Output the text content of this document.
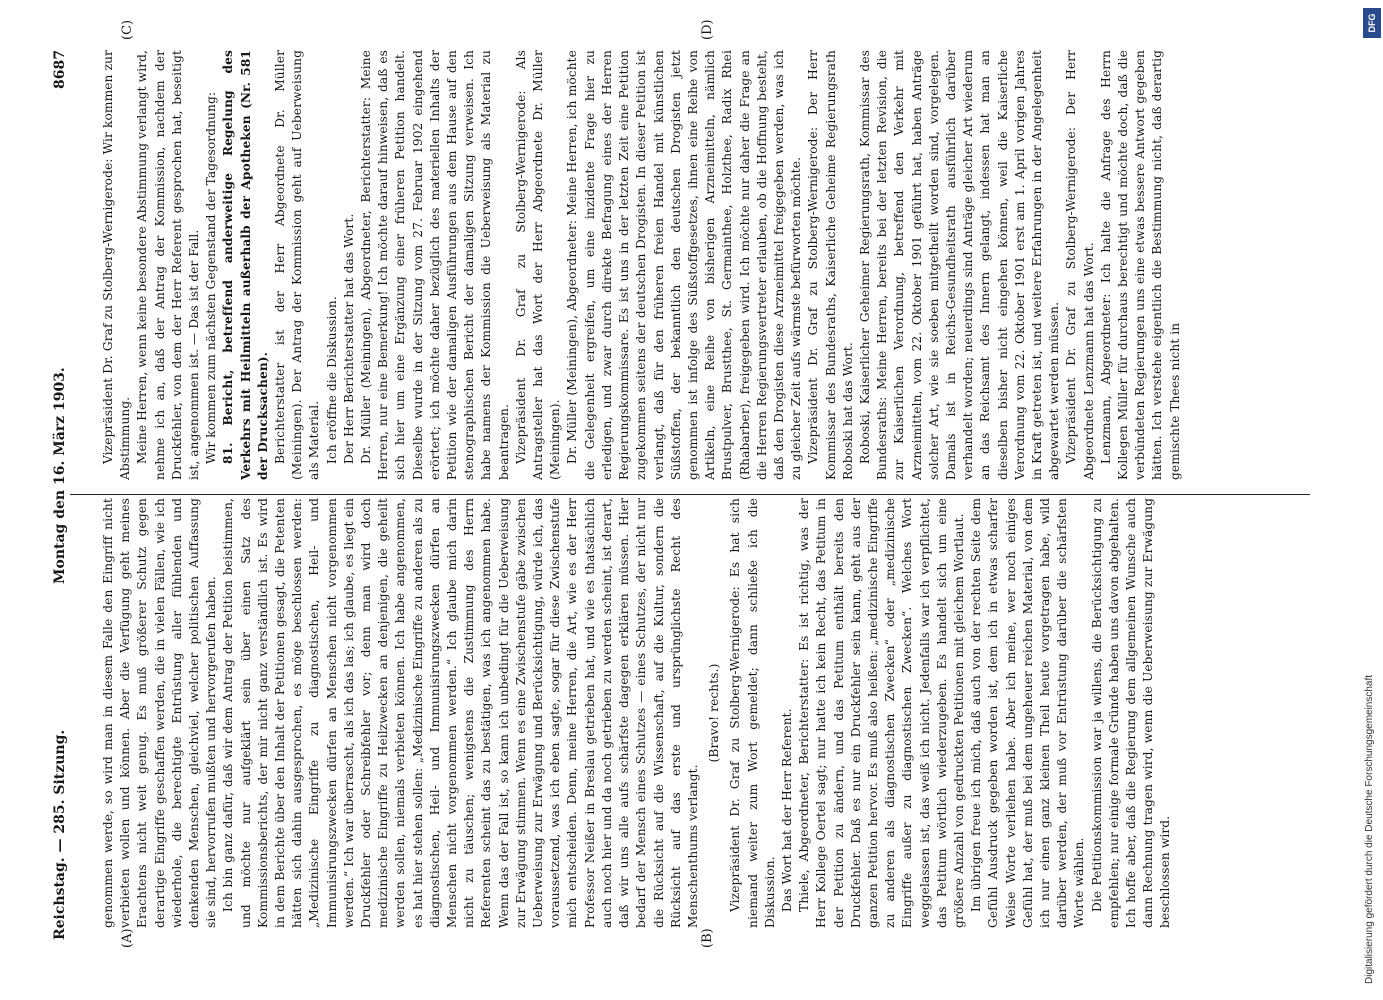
Reichstag. — 285. Sitzung.
Montag den 16. März 1903.
8687
(A)	(B)
(C)	(D)

genommen werde, so wird man in diesem Falle den Eingriff nicht verbieten wollen und können. Aber die Verfügung geht meines Erachtens nicht weit genug. Es muß größerer Schutz gegen derartige Eingriffe geschaffen werden, die in vielen Fällen, wie ich wiederhole, die berechtigte Entrüstung aller fühlenden und denkenden Menschen, gleichviel, welcher politischen Auffassung sie sind, hervorrufen mußten und hervorgerufen haben. Ich bin ganz dafür, daß wir dem Antrag der Petition beistimmen, und möchte nur aufgeklärt sein über einen Satz des Kommissionsberichts, der mir nicht ganz verständlich ist. Es wird in dem Berichte über den Inhalt der Petitionen gesagt, die Petenten hätten sich dahin ausgesprochen, es möge beschlossen werden: „Medizinische Eingriffe zu diagnostischen, Heil- und Immunisirungszwecken dürfen an Menschen nicht vorgenommen werden.“ Ich war überrascht, als ich das las; ich glaube, es liegt ein Druckfehler oder Schreibfehler vor; denn man wird doch medizinische Eingriffe zu Heilzwecken an denjenigen, die geheilt werden sollen, niemals verbieten können. Ich habe angenommen, es hat hier stehen sollen: „Medizinische Eingriffe zu anderen als zu diagnostischen, Heil- und Immunisirungszwecken dürfen an Menschen nicht vorgenommen werden.“ Ich glaube mich darin nicht zu täuschen; wenigstens die Zustimmung des Herrn Referenten scheint das zu bestätigen, was ich angenommen habe. Wenn das der Fall ist, so kann ich unbedingt für die Ueberweisung zur Erwägung stimmen. Wenn es eine Zwischenstufe gäbe zwischen Ueberweisung zur Erwägung und Berücksichtigung, würde ich, das voraussetzend, was ich eben sagte, sogar für diese Zwischenstufe mich entscheiden. Denn, meine Herren, die Art, wie es der Herr Professor Neißer in Breslau getrieben hat, und wie es thatsächlich auch noch hier und da noch getrieben zu werden scheint, ist derart, daß wir uns alle aufs schärfste dagegen erklären müssen. Hier bedarf der Mensch eines Schutzes — eines Schutzes, der nicht nur die Rücksicht auf die Wissenschaft, auf die Kultur, sondern die Rücksicht auf das erste und ursprünglichste Recht des Menschenthums verlangt.

(Bravo! rechts.) Vizepräsident Dr. Graf zu Stolberg-Wernigerode: Es hat sich niemand weiter zum Wort gemeldet; dann schließe ich die Diskussion. Das Wort hat der Herr Referent. Thiele, Abgeordneter, Berichterstatter: Es ist richtig, was der Herr Kollege Oertel sagt; nur hatte ich kein Recht, das Petitum in der Petition zu ändern, und das Petitum enthält bereits den Druckfehler. Daß es nur ein Druckfehler sein kann, geht aus der ganzen Petition hervor. Es muß also heißen: „medizinische Eingriffe zu anderen als diagnostischen Zwecken“ oder „medizinische Eingriffe außer zu diagnostischen Zwecken“. Welches Wort weggelassen ist, das weiß ich nicht. Jedenfalls war ich verpflichtet, das Petitum wörtlich wiederzugeben. Es handelt sich um eine größere Anzahl von gedruckten Petitionen mit gleichem Wortlaut. Im übrigen freue ich mich, daß auch von der rechten Seite dem Gefühl Ausdruck gegeben worden ist, dem ich in etwas scharfer Weise Worte verliehen habe. Aber ich meine, wer noch einiges Gefühl hat, der muß bei dem ungeheuer reichen Material, von dem ich nur einen ganz kleinen Theil heute vorgetragen habe, wild darüber werden, der muß vor Entrüstung darüber die schärfsten Worte wählen. Die Petitionskommission war ja willens, die Berücksichtigung zu empfehlen; nur einige formale Gründe haben uns davon abgehalten. Ich hoffe aber, daß die Regierung dem allgemeinen Wunsche auch dann Rechnung tragen wird, wenn die Ueberweisung zur Erwägung beschlossen wird.

Vizepräsident Dr. Graf zu Stolberg-Wernigerode: Wir kommen zur Abstimmung. Meine Herren, wenn keine besondere Abstimmung verlangt wird, nehme ich an, daß der Antrag der Kommission, nachdem der Druckfehler, von dem der Herr Referent gesprochen hat, beseitigt ist, angenommen ist. — Das ist der Fall. Wir kommen zum nächsten Gegenstand der Tagesordnung: 81. Bericht, betreffend anderweitige Regelung des Verkehrs mit Heilmitteln außerhalb der Apotheken (Nr. 581 der Drucksachen). Berichterstatter ist der Herr Abgeordnete Dr. Müller (Meiningen). Der Antrag der Kommission geht auf Ueberweisung als Material. Ich eröffne die Diskussion. Der Herr Berichterstatter hat das Wort. Dr. Müller (Meiningen), Abgeordneter, Berichterstatter: Meine Herren, nur eine Bemerkung! Ich möchte darauf hinweisen, daß es sich hier um eine Ergänzung einer früheren Petition handelt. Dieselbe wurde in der Sitzung vom 27. Februar 1902 eingehend erörtert; ich möchte daher bezüglich des materiellen Inhalts der Petition wie der damaligen Ausführungen aus dem Hause auf den stenographischen Bericht der damaligen Sitzung verweisen. Ich habe namens der Kommission die Ueberweisung als Material zu beantragen. Vizepräsident Dr. Graf zu Stolberg-Wernigerode: Als Antragsteller hat das Wort der Herr Abgeordnete Dr. Müller (Meiningen). Dr. Müller (Meiningen), Abgeordneter: Meine Herren, ich möchte die Gelegenheit ergreifen, um eine inzidente Frage hier zu erledigen, und zwar durch direkte Befragung eines der Herren Regierungskommissare. Es ist uns in der letzten Zeit eine Petition zugekommen seitens der deutschen Drogisten. In dieser Petition ist verlangt, daß für den früheren freien Handel mit künstlichen Süßstoffen, der bekanntlich den deutschen Drogisten jetzt genommen ist infolge des Süßstoffgesetzes, ihnen eine Reihe von Artikeln, eine Reihe von bisherigen Arzneimitteln, nämlich Brustpulver, Brustthee, St. Germainthee, Holzthee, Radix Rhei (Rhabarber), freigegeben wird. Ich möchte nur daher die Frage an die Herren Regierungsvertreter erlauben, ob die Hoffnung besteht, daß den Drogisten diese Arzneimittel freigegeben werden, was ich zu gleicher Zeit aufs wärmste befürworten möchte. Vizepräsident Dr. Graf zu Stolberg-Wernigerode: Der Herr Kommissar des Bundesraths, Kaiserliche Geheime Regierungsrath Roboski hat das Wort. Roboski, Kaiserlicher Geheimer Regierungsrath, Kommissar des Bundesraths: Meine Herren, bereits bei der letzten Revision, die zur Kaiserlichen Verordnung, betreffend den Verkehr mit Arzneimitteln, vom 22. Oktober 1901 geführt hat, haben Anträge solcher Art, wie sie soeben mitgetheilt worden sind, vorgelegen. Damals ist in Reichs-Gesundheitsrath ausführlich darüber verhandelt worden; neuerdings sind Anträge gleicher Art wiederum an das Reichsamt des Innern gelangt, indessen hat man an dieselben bisher nicht eingehen können, weil die Kaiserliche Verordnung vom 22. Oktober 1901 erst am 1. April vorigen Jahres in Kraft getreten ist, und weitere Erfahrungen in der Angelegenheit abgewartet werden müssen. Vizepräsident Dr. Graf zu Stolberg-Wernigerode: Der Herr Abgeordnete Lenzmann hat das Wort. Lenzmann, Abgeordneter: Ich halte die Anfrage des Herrn Kollegen Müller für durchaus berechtigt und möchte doch, daß die verbündeten Regierungen uns eine etwas bessere Antwort gegeben hätten. Ich verstehe eigentlich die Bestimmung nicht, daß derartig gemischte Thees nicht in

DFG
Digitalisierung gefördert durch die Deutsche Forschungsgemeinschaft
